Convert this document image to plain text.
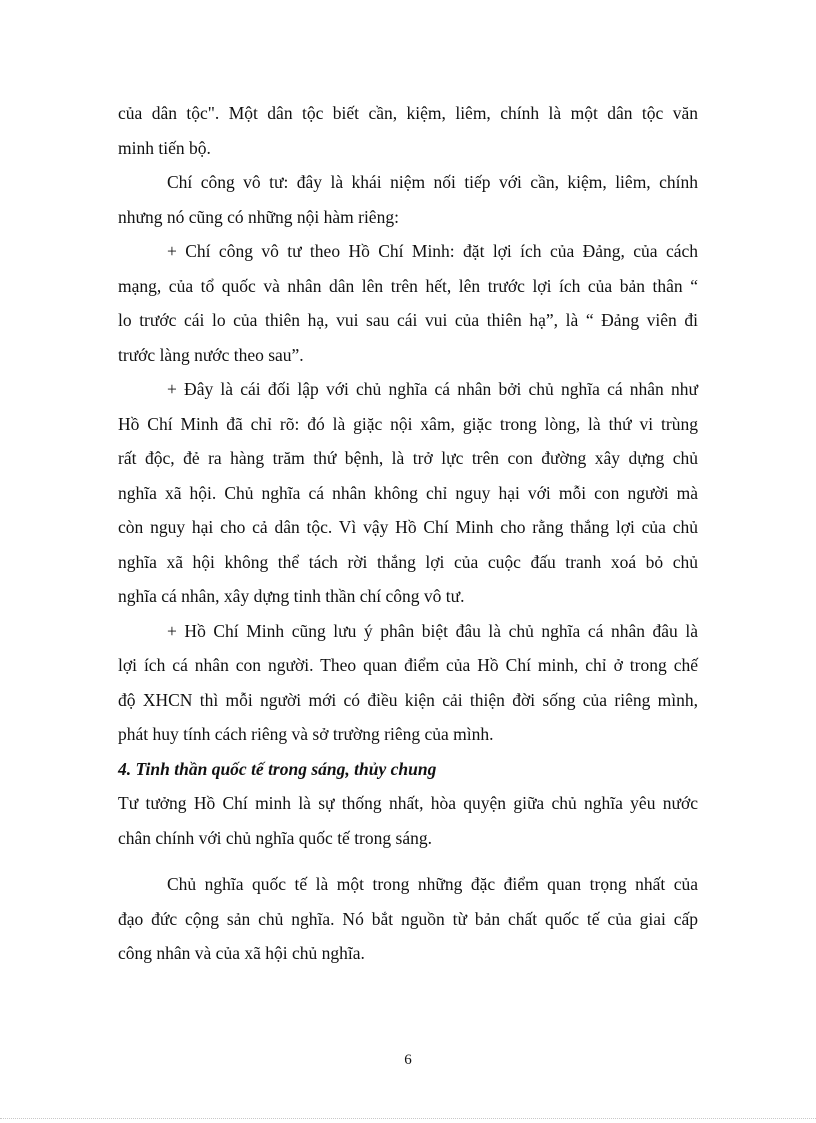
của dân tộc". Một dân tộc biết cần, kiệm, liêm, chính là một dân tộc văn

minh tiến bộ.

Chí công vô tư: đây là khái niệm nối tiếp với cần, kiệm, liêm, chính

nhưng nó cũng có những nội hàm riêng:

+ Chí công vô tư theo Hồ Chí Minh: đặt lợi ích của Đảng, của cách

mạng, của tổ quốc và nhân dân lên trên hết, lên trước lợi ích của bản thân “

lo trước cái lo của thiên hạ, vui sau cái vui của thiên hạ”, là “ Đảng viên đi

trước làng nước theo sau”.

+ Đây là cái đối lập với chủ nghĩa cá nhân bởi chủ nghĩa cá nhân như

Hồ Chí Minh đã chỉ rõ: đó là giặc nội xâm, giặc trong lòng, là thứ vi trùng

rất độc, đẻ ra hàng trăm thứ bệnh, là trở lực trên con đường xây dựng chủ

nghĩa xã hội. Chủ nghĩa cá nhân không chỉ nguy hại với mỗi con người mà

còn nguy hại cho cả dân tộc. Vì vậy Hồ Chí Minh cho rằng thắng lợi của chủ

nghĩa xã hội không thể tách rời thắng lợi của cuộc đấu tranh xoá bỏ chủ

nghĩa cá nhân, xây dựng tinh thần chí công vô tư.

+ Hồ Chí Minh cũng lưu ý phân biệt đâu là chủ nghĩa cá nhân đâu là

lợi ích cá nhân con người. Theo quan điểm của Hồ Chí minh, chỉ ở trong chế

độ XHCN thì mỗi người mới có điều kiện cải thiện đời sống của riêng mình,

phát huy tính cách riêng và sở trường riêng của mình.

4. Tinh thần quốc tế trong sáng, thủy chung

Tư tưởng Hồ Chí minh là sự thống nhất, hòa quyện giữa chủ nghĩa yêu nước

chân chính với chủ nghĩa quốc tế trong sáng.

Chủ nghĩa quốc tế là một trong những đặc điểm quan trọng nhất của

đạo đức cộng sản chủ nghĩa. Nó bắt nguồn từ bản chất quốc tế của giai cấp

công nhân và của xã hội chủ nghĩa.

6
